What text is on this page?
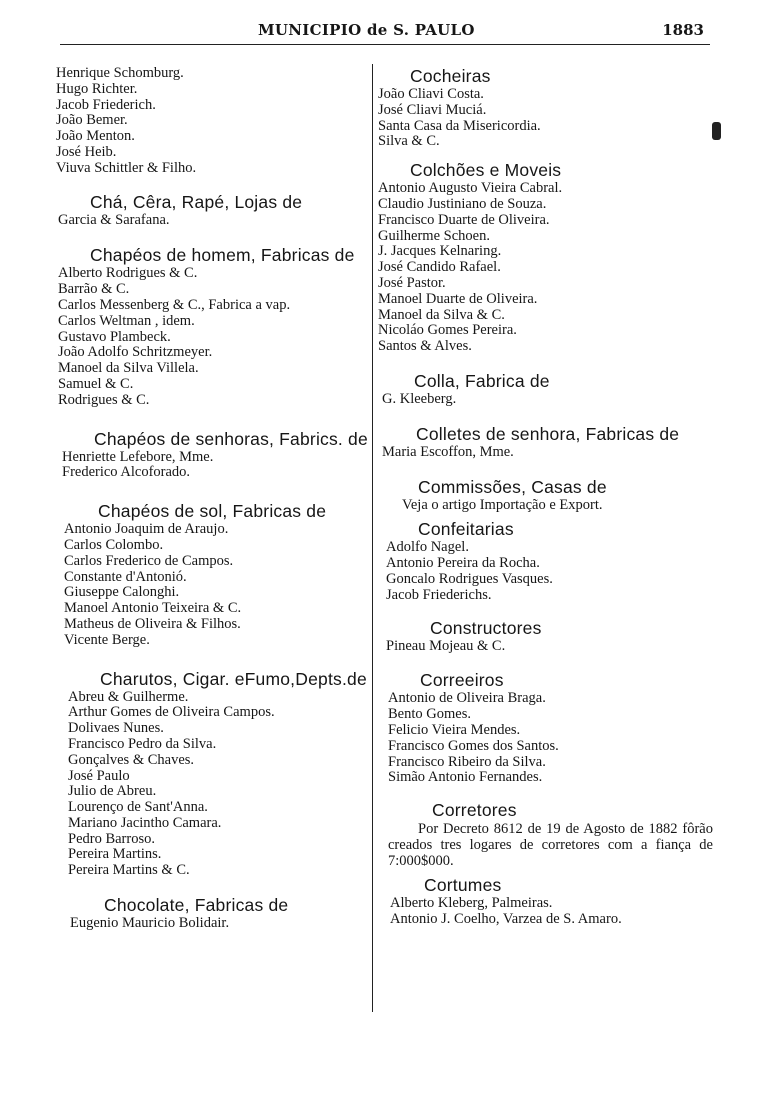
MUNICIPIO de S. PAULO	1883
Henrique Schomburg.
Hugo Richter.
Jacob Friederich.
João Bemer.
João Menton.
José Heib.
Viuva Schittler & Filho.
Chá, Cêra, Rapé, Lojas de
Garcia & Sarafana.
Chapéos de homem, Fabricas de
Alberto Rodrigues & C.
Barrão & C.
Carlos Messenberg & C., Fabrica a vap.
Carlos Weltman , idem.
Gustavo Plambeck.
João Adolfo Schritzmeyer.
Manoel da Silva Villela.
Samuel & C.
Rodrigues & C.
Chapéos de senhoras, Fabrics. de
Henriette Lefebore, Mme.
Frederico Alcoforado.
Chapéos de sol, Fabricas de
Antonio Joaquim de Araujo.
Carlos Colombo.
Carlos Frederico de Campos.
Constante d'Antonió.
Giuseppe Calonghi.
Manoel Antonio Teixeira & C.
Matheus de Oliveira & Filhos.
Vicente Berge.
Charutos, Cigar. eFumo,Depts.de
Abreu & Guilherme.
Arthur Gomes de Oliveira Campos.
Dolivaes Nunes.
Francisco Pedro da Silva.
Gonçalves & Chaves.
José Paulo
Julio de Abreu.
Lourenço de Sant'Anna.
Mariano Jacintho Camara.
Pedro Barroso.
Pereira Martins.
Pereira Martins & C.
Chocolate, Fabricas de
Eugenio Mauricio Bolidair.
Cocheiras
João Cliavi Costa.
José Cliavi Muciá.
Santa Casa da Misericordia.
Silva & C.
Colchões e Moveis
Antonio Augusto Vieira Cabral.
Claudio Justiniano de Souza.
Francisco Duarte de Oliveira.
Guilherme Schoen.
J. Jacques Kelnaring.
José Candido Rafael.
José Pastor.
Manoel Duarte de Oliveira.
Manoel da Silva & C.
Nicoláo Gomes Pereira.
Santos & Alves.
Colla, Fabrica de
G. Kleeberg.
Colletes de senhora, Fabricas de
Maria Escoffon, Mme.
Commissões, Casas de
Veja o artigo Importação e Export.
Confeitarias
Adolfo Nagel.
Antonio Pereira da Rocha.
Goncalo Rodrigues Vasques.
Jacob Friederichs.
Constructores
Pineau Mojeau & C.
Correeiros
Antonio de Oliveira Braga.
Bento Gomes.
Felicio Vieira Mendes.
Francisco Gomes dos Santos.
Francisco Ribeiro da Silva.
Simão Antonio Fernandes.
Corretores

Por Decreto 8612 de 19 de Agosto de 1882 fôrão creados tres logares de corretores com a fiança de 7:000$000.

Cortumes
Alberto Kleberg, Palmeiras.
Antonio J. Coelho, Varzea de S. Amaro.
